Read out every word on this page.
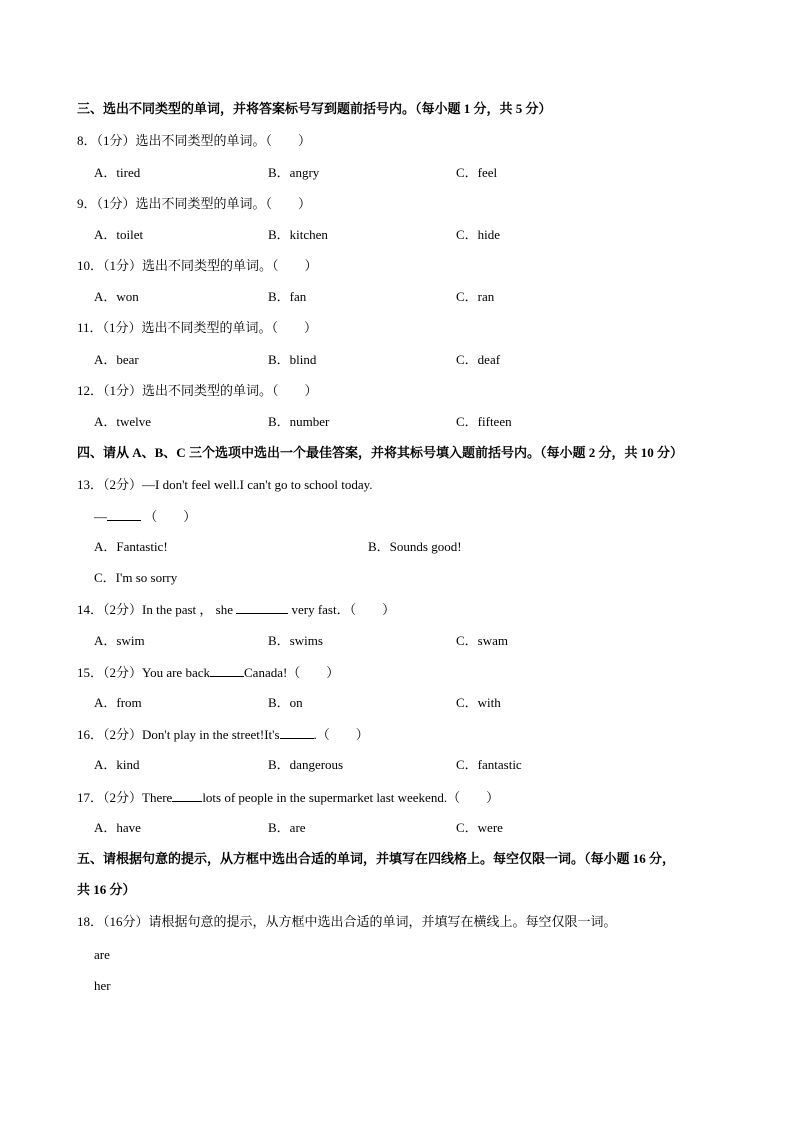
三、选出不同类型的单词，并将答案标号写到题前括号内。（每小题 1 分，共 5 分）
8．（1分）选出不同类型的单词。（　　）
A．tired	B．angry	C．feel
9．（1分）选出不同类型的单词。（　　）
A．toilet	B．kitchen	C．hide
10．（1分）选出不同类型的单词。（　　）
A．won	B．fan	C．ran
11．（1分）选出不同类型的单词。（　　）
A．bear	B．blind	C．deaf
12．（1分）选出不同类型的单词。（　　）
A．twelve	B．number	C．fifteen
四、请从 A、B、C 三个选项中选出一个最佳答案，并将其标号填入题前括号内。（每小题 2 分，共 10 分）
13．（2分）—I don't feel well.I can't go to school today.
—	（　　）
A．Fantastic!	B．Sounds good!
C．I'm so sorry
14．（2分）In the past ， she	very fast．（　　）
A．swim	B．swims	C．swam
15．（2分）You are back	Canada!（　　）
A．from	B．on	C．with
16．（2分）Don't play in the street!It's	.（　　）
A．kind	B．dangerous	C．fantastic
17．（2分）There lots of people in the supermarket last weekend.（　　）
A．have	B．are	C．were
五、请根据句意的提示，从方框中选出合适的单词，并填写在四线格上。每空仅限一词。（每小题 16 分，
共 16 分）
18．（16分）请根据句意的提示，从方框中选出合适的单词，并填写在横线上。每空仅限一词。
are
her
